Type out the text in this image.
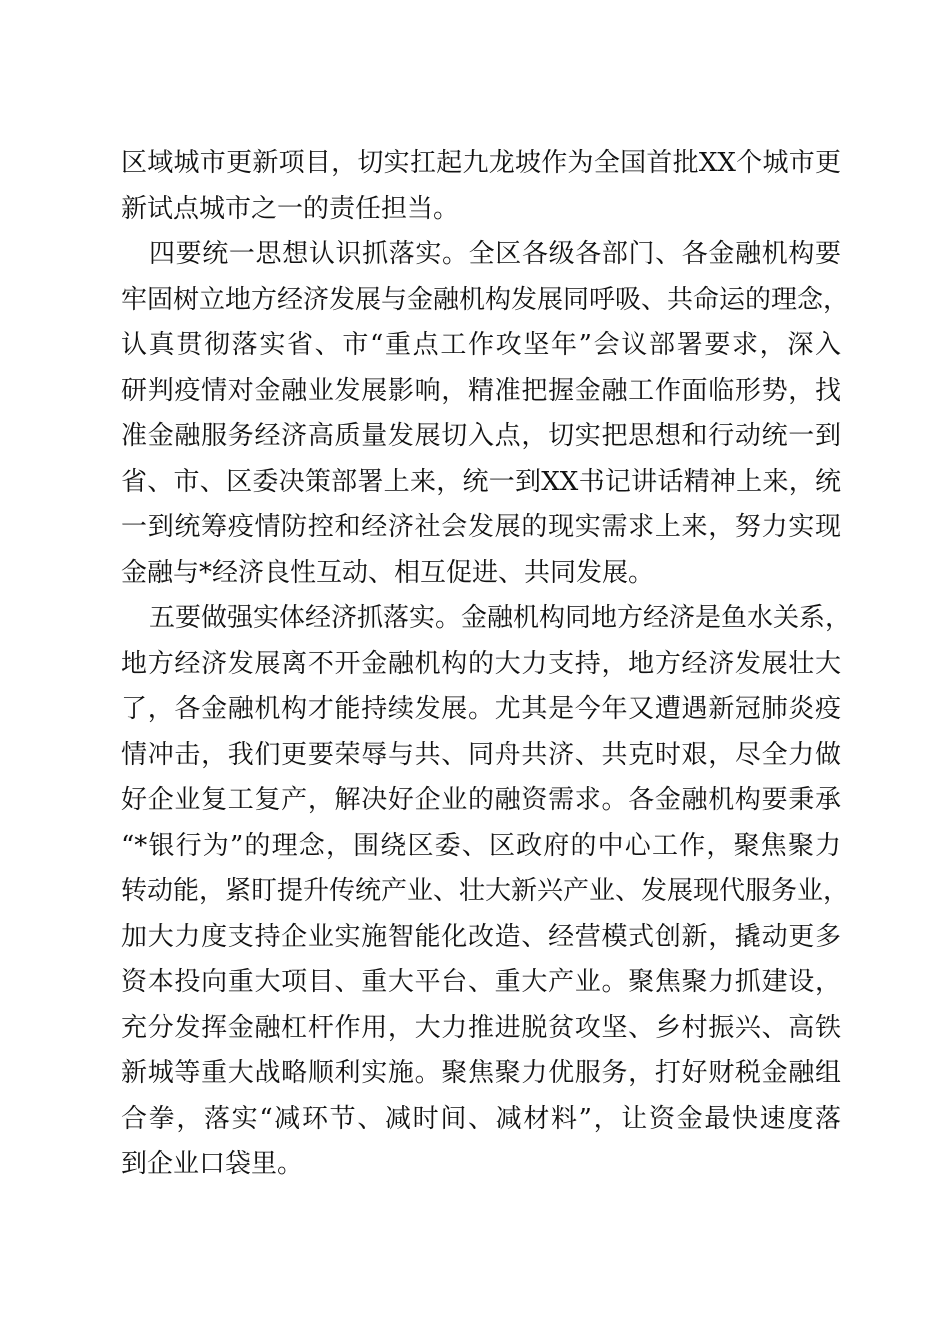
区域城市更新项目，切实扛起九龙坡作为全国首批XX个城市更
新试点城市之一的责任担当。
四要统一思想认识抓落实。全区各级各部门、各金融机构要
牢固树立地方经济发展与金融机构发展同呼吸、共命运的理念，
认真贯彻落实省、市“重点工作攻坚年”会议部署要求，深入
研判疫情对金融业发展影响，精准把握金融工作面临形势，找
准金融服务经济高质量发展切入点，切实把思想和行动统一到
省、市、区委决策部署上来，统一到XX书记讲话精神上来，统
一到统筹疫情防控和经济社会发展的现实需求上来，努力实现
金融与*经济良性互动、相互促进、共同发展。
五要做强实体经济抓落实。金融机构同地方经济是鱼水关系，
地方经济发展离不开金融机构的大力支持，地方经济发展壮大
了，各金融机构才能持续发展。尤其是今年又遭遇新冠肺炎疫
情冲击，我们更要荣辱与共、同舟共济、共克时艰，尽全力做
好企业复工复产，解决好企业的融资需求。各金融机构要秉承
“*银行为”的理念，围绕区委、区政府的中心工作，聚焦聚力
转动能，紧盯提升传统产业、壮大新兴产业、发展现代服务业，
加大力度支持企业实施智能化改造、经营模式创新，撬动更多
资本投向重大项目、重大平台、重大产业。聚焦聚力抓建设，
充分发挥金融杠杆作用，大力推进脱贫攻坚、乡村振兴、高铁
新城等重大战略顺利实施。聚焦聚力优服务，打好财税金融组
合拳，落实“减环节、减时间、减材料”，让资金最快速度落
到企业口袋里。
